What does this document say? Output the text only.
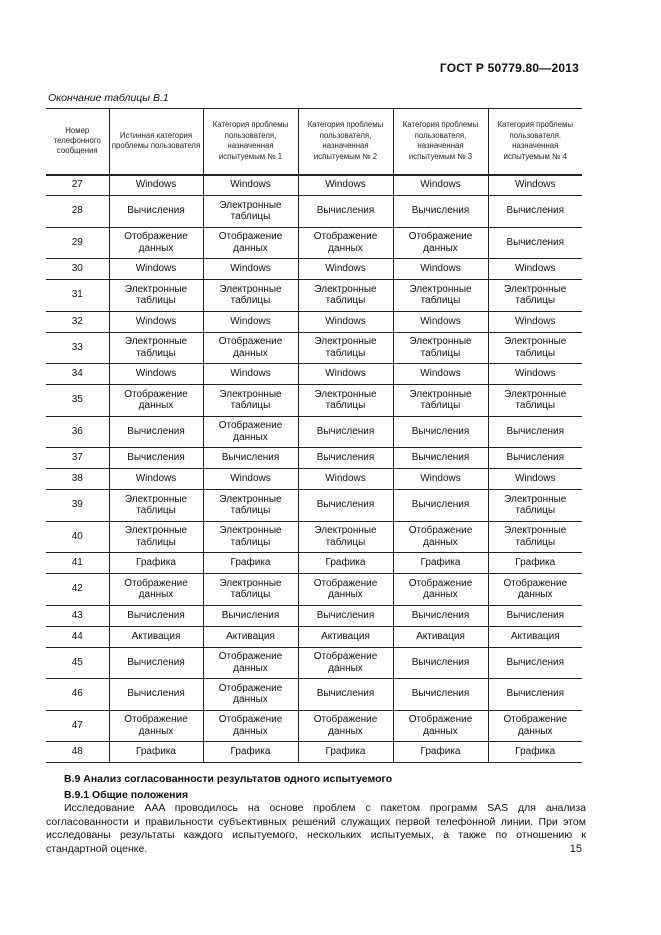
ГОСТ Р 50779.80—2013
Окончание таблицы В.1
Номер телефонного сообщения	Истинная категория проблемы пользователя	Категория проблемы пользователя, назначенная испытуемым № 1	Категория проблемы пользователя, назначенная испытуемым № 2	Категория проблемы пользователя, назначенная испытуемым № 3	Категория проблемы пользователя. назначенная испытуемым № 4
27	Windows	Windows	Windows	Windows	Windows
28	Вычисления	Электронные таблицы	Вычисления	Вычисления	Вычисления
29	Отображение данных	Отображение данных	Отображение данных	Отображение данных	Вычисления
30	Windows	Windows	Windows	Windows	Windows
31	Электронные таблицы	Электронные таблицы	Электронные таблицы	Электронные таблицы	Электронные таблицы
32	Windows	Windows	Windows	Windows	Windows
33	Электронные таблицы	Отображение данных	Электронные таблицы	Электронные таблицы	Электронные таблицы
34	Windows	Windows	Windows	Windows	Windows
35	Отображение данных	Электронные таблицы	Электронные таблицы	Электронные таблицы	Электронные таблицы
36	Вычисления	Отображение данных	Вычисления	Вычисления	Вычисления
37	Вычисления	Вычисления	Вычисления	Вычисления	Вычисления
38	Windows	Windows	Windows	Windows	Windows
39	Электронные таблицы	Электронные таблицы	Вычисления	Вычисления	Электронные таблицы
40	Электронные таблицы	Электронные таблицы	Электронные таблицы	Отображение данных	Электронные таблицы
41	Графика	Графика	Графика	Графика	Графика
42	Отображение данных	Электронные таблицы	Отображение данных	Отображение данных	Отображение данных
43	Вычисления	Вычисления	Вычисления	Вычисления	Вычисления
44	Активация	Активация	Активация	Активация	Активация
45	Вычисления	Отображение данных	Отображение данных	Вычисления	Вычисления
46	Вычисления	Отображение данных	Вычисления	Вычисления	Вычисления
47	Отображение данных	Отображение данных	Отображение данных	Отображение данных	Отображение данных
48	Графика	Графика	Графика	Графика	Графика
В.9 Анализ согласованности результатов одного испытуемого
В.9.1 Общие положения

Исследование AAA проводилось на основе проблем с пакетом программ SAS для анализа согласованности и правильности субъективных решений служащих первой телефонной линии. При этом исследованы результаты каждого испытуемого, нескольких испытуемых, а также по отношению к стандартной оценке.	15
